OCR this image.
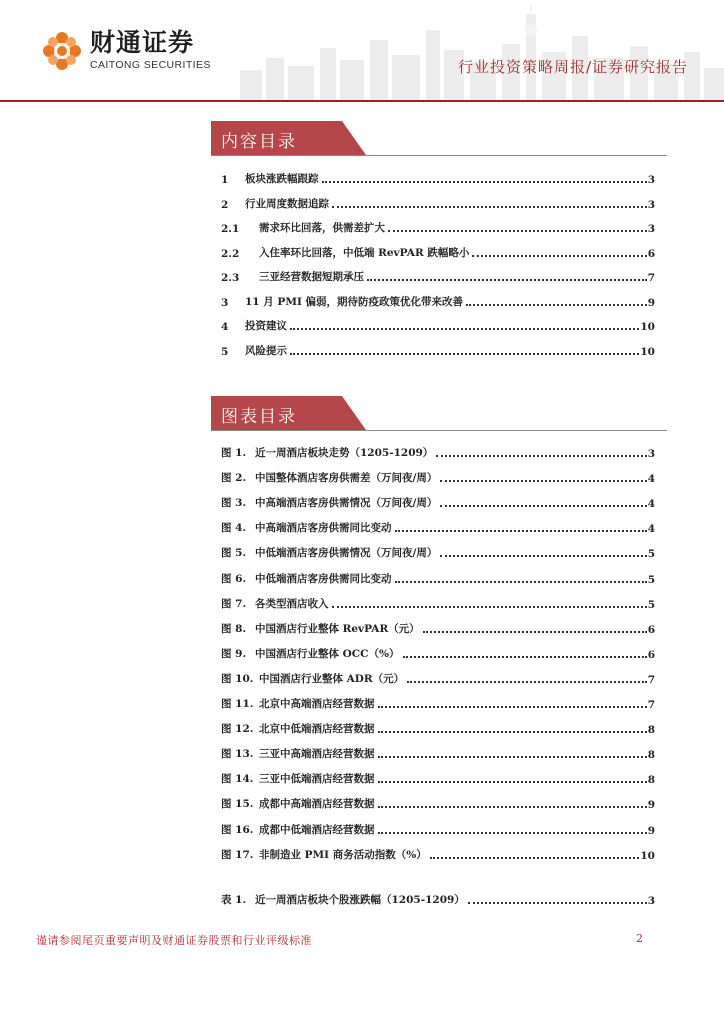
财通证券
CAITONG SECURITIES	行业投资策略周报/证券研究报告
内容目录
1	板块涨跌幅跟踪	3
2	行业周度数据追踪	3
2.1	需求环比回落，供需差扩大	3
2.2	入住率环比回落，中低端 RevPAR 跌幅略小	6
2.3	三亚经营数据短期承压	7
3	11 月 PMI 偏弱，期待防疫政策优化带来改善	9
4	投资建议	10
5	风险提示	10
图表目录
图 1. 近一周酒店板块走势（1205-1209）	3
图 2. 中国整体酒店客房供需差（万间夜/周）	4
图 3. 中高端酒店客房供需情况（万间夜/周）	4
图 4. 中高端酒店客房供需同比变动	4
图 5. 中低端酒店客房供需情况（万间夜/周）	5
图 6. 中低端酒店客房供需同比变动	5
图 7. 各类型酒店收入	5
图 8. 中国酒店行业整体 RevPAR（元）	6
图 9. 中国酒店行业整体 OCC（%）	6
图 10. 中国酒店行业整体 ADR（元）	7
图 11. 北京中高端酒店经营数据	7
图 12. 北京中低端酒店经营数据	8
图 13. 三亚中高端酒店经营数据	8
图 14. 三亚中低端酒店经营数据	8
图 15. 成都中高端酒店经营数据	9
图 16. 成都中低端酒店经营数据	9
图 17. 非制造业 PMI 商务活动指数（%）	10
表 1. 近一周酒店板块个股涨跌幅（1205-1209）	3
谨请参阅尾页重要声明及财通证券股票和行业评级标准	2
